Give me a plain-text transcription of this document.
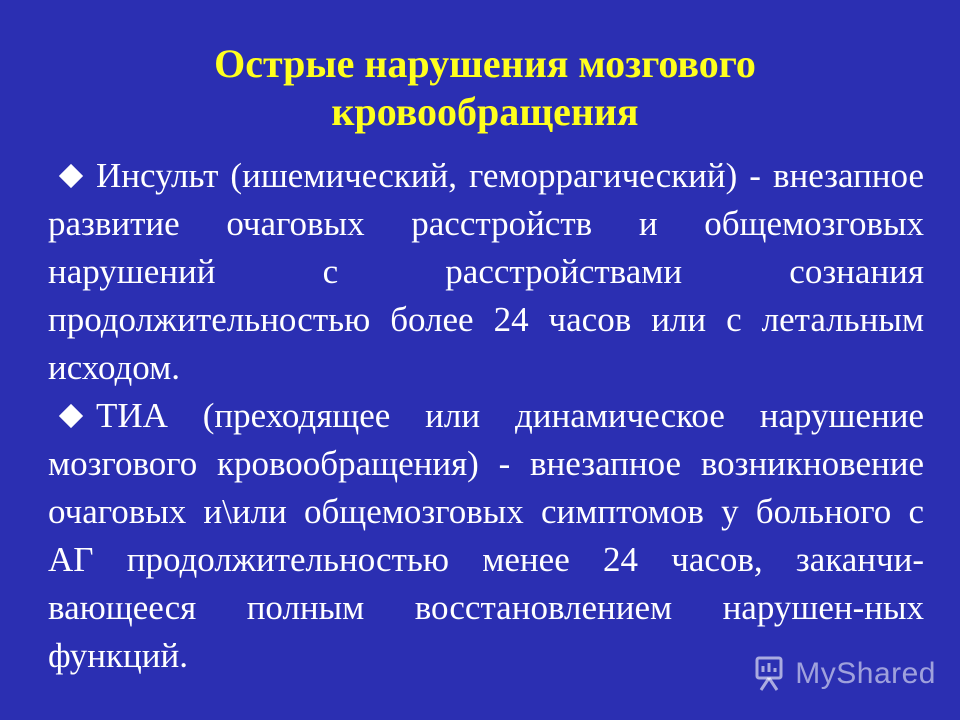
Острые нарушения мозгового кровообращения
Инсульт (ишемический, геморрагический) - внезапное развитие очаговых расстройств и общемозговых нарушений с расстройствами сознания продолжительностью более 24 часов или с летальным исходом.
ТИА (преходящее или динамическое нарушение мозгового кровообращения) - внезапное возникновение очаговых и\или общемозговых симптомов у больного с АГ продолжительностью менее 24 часов, заканчи-вающееся полным восстановлением нарушен-ных функций.	MyShared
